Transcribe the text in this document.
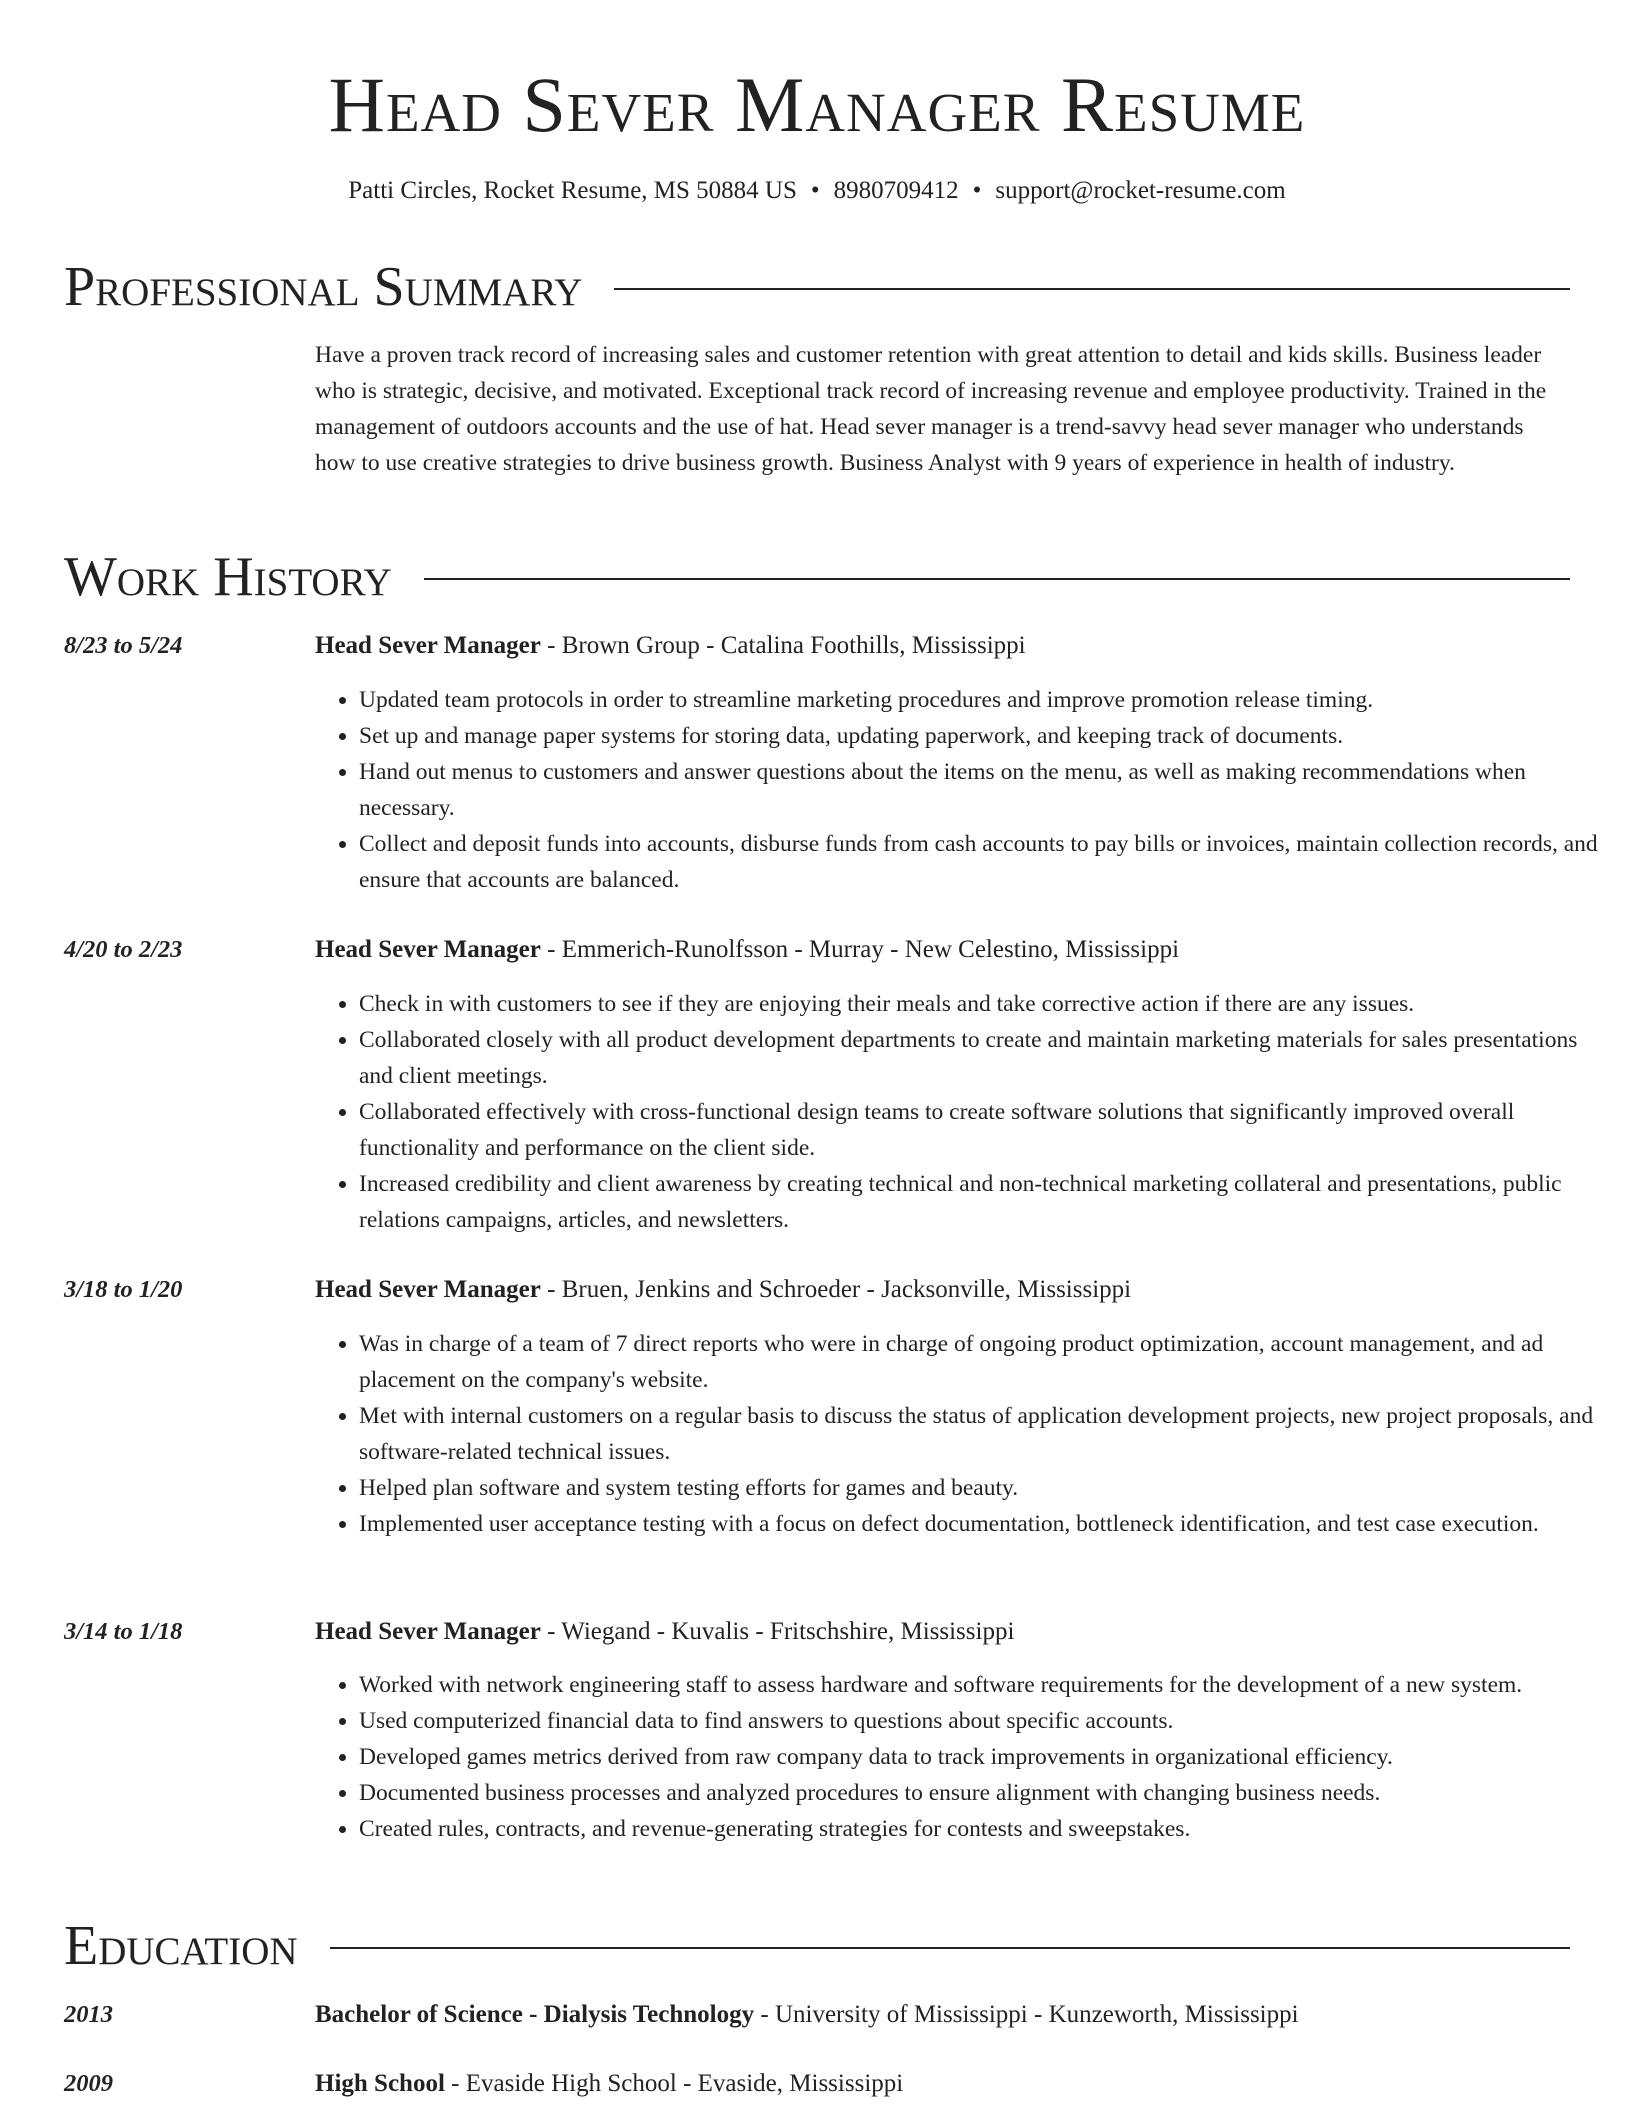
Head Sever Manager Resume
Patti Circles, Rocket Resume, MS 50884 US • 8980709412 • support@rocket-resume.com
Professional Summary
Have a proven track record of increasing sales and customer retention with great attention to detail and kids skills. Business leader who is strategic, decisive, and motivated. Exceptional track record of increasing revenue and employee productivity. Trained in the management of outdoors accounts and the use of hat. Head sever manager is a trend-savvy head sever manager who understands how to use creative strategies to drive business growth. Business Analyst with 9 years of experience in health of industry.
Work History
8/23 to 5/24	Head Sever Manager - Brown Group - Catalina Foothills, Mississippi
• Updated team protocols in order to streamline marketing procedures and improve promotion release timing.
• Set up and manage paper systems for storing data, updating paperwork, and keeping track of documents.
• Hand out menus to customers and answer questions about the items on the menu, as well as making recommendations when necessary.
• Collect and deposit funds into accounts, disburse funds from cash accounts to pay bills or invoices, maintain collection records, and ensure that accounts are balanced.
4/20 to 2/23	Head Sever Manager - Emmerich-Runolfsson - Murray - New Celestino, Mississippi
• Check in with customers to see if they are enjoying their meals and take corrective action if there are any issues.
• Collaborated closely with all product development departments to create and maintain marketing materials for sales presentations and client meetings.
• Collaborated effectively with cross-functional design teams to create software solutions that significantly improved overall functionality and performance on the client side.
• Increased credibility and client awareness by creating technical and non-technical marketing collateral and presentations, public relations campaigns, articles, and newsletters.
3/18 to 1/20	Head Sever Manager - Bruen, Jenkins and Schroeder - Jacksonville, Mississippi
• Was in charge of a team of 7 direct reports who were in charge of ongoing product optimization, account management, and ad placement on the company's website.
• Met with internal customers on a regular basis to discuss the status of application development projects, new project proposals, and software-related technical issues.
• Helped plan software and system testing efforts for games and beauty.
• Implemented user acceptance testing with a focus on defect documentation, bottleneck identification, and test case execution.
3/14 to 1/18	Head Sever Manager - Wiegand - Kuvalis - Fritschshire, Mississippi
• Worked with network engineering staff to assess hardware and software requirements for the development of a new system.
• Used computerized financial data to find answers to questions about specific accounts.
• Developed games metrics derived from raw company data to track improvements in organizational efficiency.
• Documented business processes and analyzed procedures to ensure alignment with changing business needs.
• Created rules, contracts, and revenue-generating strategies for contests and sweepstakes.
Education
2013	Bachelor of Science - Dialysis Technology - University of Mississippi - Kunzeworth, Mississippi
2009	High School - Evaside High School - Evaside, Mississippi
